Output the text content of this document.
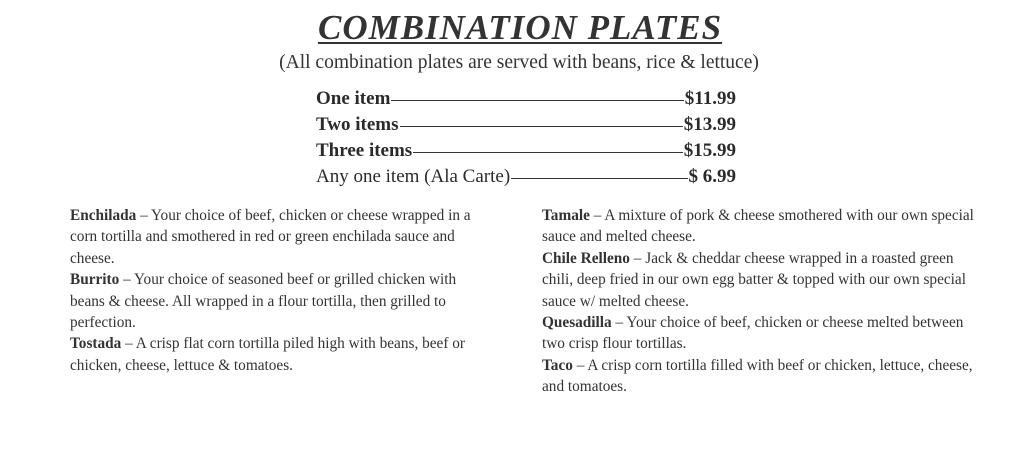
COMBINATION PLATES
(All combination plates are served with beans, rice & lettuce)
One item	$11.99
Two items	$13.99
Three items	$15.99
Any one item (Ala Carte)	$ 6.99

Enchilada – Your choice of beef, chicken or cheese wrapped in a corn tortilla and smothered in red or green enchilada sauce and cheese.

Burrito – Your choice of seasoned beef or grilled chicken with beans & cheese. All wrapped in a flour tortilla, then grilled to perfection.

Tostada – A crisp flat corn tortilla piled high with beans, beef or chicken, cheese, lettuce & tomatoes.

Tamale – A mixture of pork & cheese smothered with our own special sauce and melted cheese.

Chile Relleno – Jack & cheddar cheese wrapped in a roasted green chili, deep fried in our own egg batter & topped with our own special sauce w/ melted cheese.

Quesadilla – Your choice of beef, chicken or cheese melted between two crisp flour tortillas.

Taco – A crisp corn tortilla filled with beef or chicken, lettuce, cheese, and tomatoes.
